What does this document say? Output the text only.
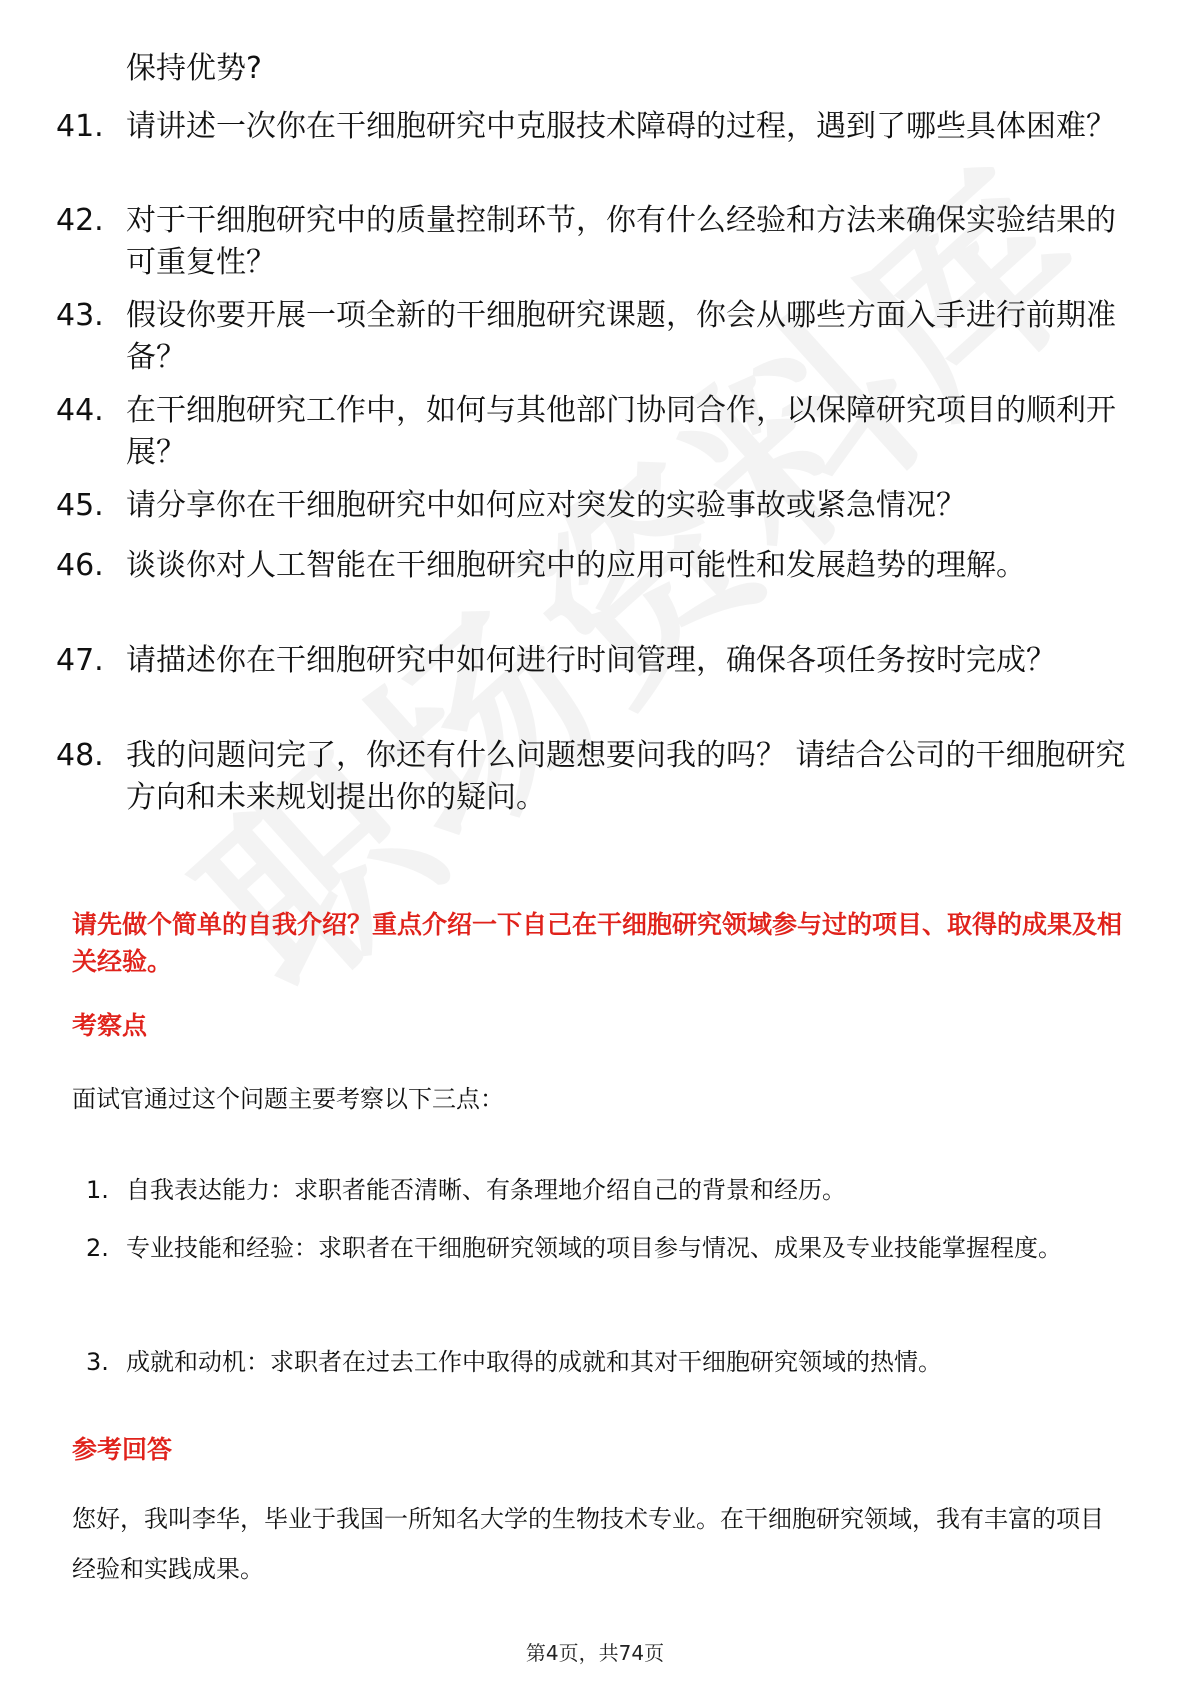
保持优势?
41. 请讲述一次你在干细胞研究中克服技术障碍的过程，遇到了哪些具体困难？
42. 对于干细胞研究中的质量控制环节，你有什么经验和方法来确保实验结果的可重复性？
43. 假设你要开展一项全新的干细胞研究课题，你会从哪些方面入手进行前期准备？
44. 在干细胞研究工作中，如何与其他部门协同合作，以保障研究项目的顺利开展？
45. 请分享你在干细胞研究中如何应对突发的实验事故或紧急情况？
46. 谈谈你对人工智能在干细胞研究中的应用可能性和发展趋势的理解。
47. 请描述你在干细胞研究中如何进行时间管理，确保各项任务按时完成？
48. 我的问题问完了，你还有什么问题想要问我的吗？ 请结合公司的干细胞研究方向和未来规划提出你的疑问。
请先做个简单的自我介绍？重点介绍一下自己在干细胞研究领域参与过的项目、取得的成果及相关经验。
考察点
面试官通过这个问题主要考察以下三点：
1. 自我表达能力：求职者能否清晰、有条理地介绍自己的背景和经历。
2. 专业技能和经验：求职者在干细胞研究领域的项目参与情况、成果及专业技能掌握程度。
3. 成就和动机：求职者在过去工作中取得的成就和其对干细胞研究领域的热情。
参考回答
您好，我叫李华，毕业于我国一所知名大学的生物技术专业。在干细胞研究领域，我有丰富的项目经验和实践成果。
第4页，共74页
